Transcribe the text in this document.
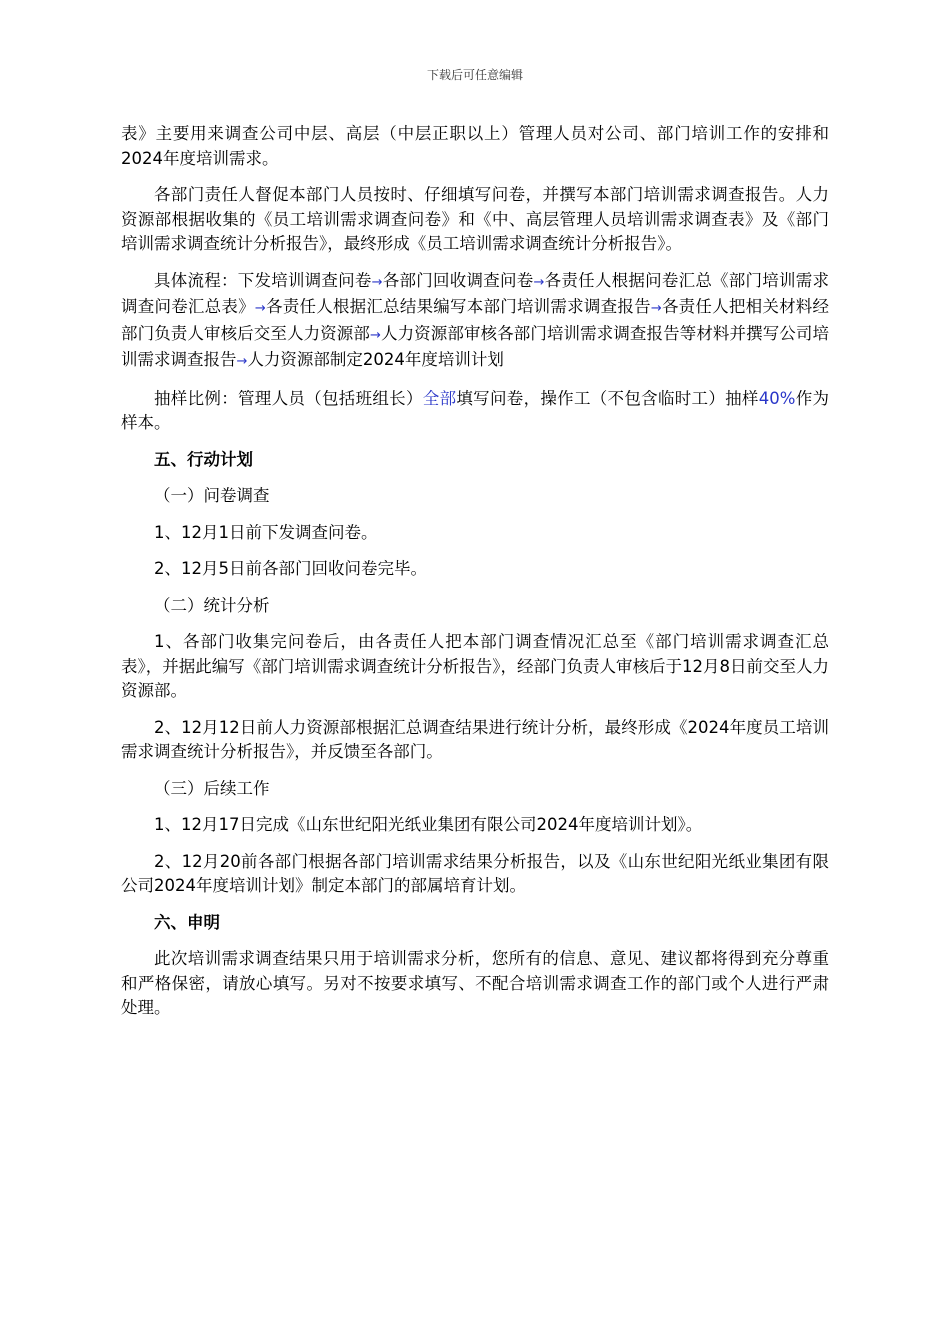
下载后可任意编辑

表》主要用来调查公司中层、高层（中层正职以上）管理人员对公司、部门培训工作的安排和2024年度培训需求。

各部门责任人督促本部门人员按时、仔细填写问卷，并撰写本部门培训需求调查报告。人力资源部根据收集的《员工培训需求调查问卷》和《中、高层管理人员培训需求调查表》及《部门培训需求调查统计分析报告》，最终形成《员工培训需求调查统计分析报告》。

具体流程：下发培训调查问卷→各部门回收调查问卷→各责任人根据问卷汇总《部门培训需求调查问卷汇总表》→各责任人根据汇总结果编写本部门培训需求调查报告→各责任人把相关材料经部门负责人审核后交至人力资源部→人力资源部审核各部门培训需求调查报告等材料并撰写公司培训需求调查报告→人力资源部制定2024年度培训计划

抽样比例：管理人员（包括班组长）全部填写问卷，操作工（不包含临时工）抽样40%作为样本。

五、行动计划

（一）问卷调查

1、12月1日前下发调查问卷。

2、12月5日前各部门回收问卷完毕。

（二）统计分析

1、各部门收集完问卷后，由各责任人把本部门调查情况汇总至《部门培训需求调查汇总表》，并据此编写《部门培训需求调查统计分析报告》，经部门负责人审核后于12月8日前交至人力资源部。

2、12月12日前人力资源部根据汇总调查结果进行统计分析，最终形成《2024年度员工培训需求调查统计分析报告》，并反馈至各部门。

（三）后续工作

1、12月17日完成《山东世纪阳光纸业集团有限公司2024年度培训计划》。

2、12月20前各部门根据各部门培训需求结果分析报告，以及《山东世纪阳光纸业集团有限公司2024年度培训计划》制定本部门的部属培育计划。

六、申明

此次培训需求调查结果只用于培训需求分析，您所有的信息、意见、建议都将得到充分尊重和严格保密，请放心填写。另对不按要求填写、不配合培训需求调查工作的部门或个人进行严肃处理。
